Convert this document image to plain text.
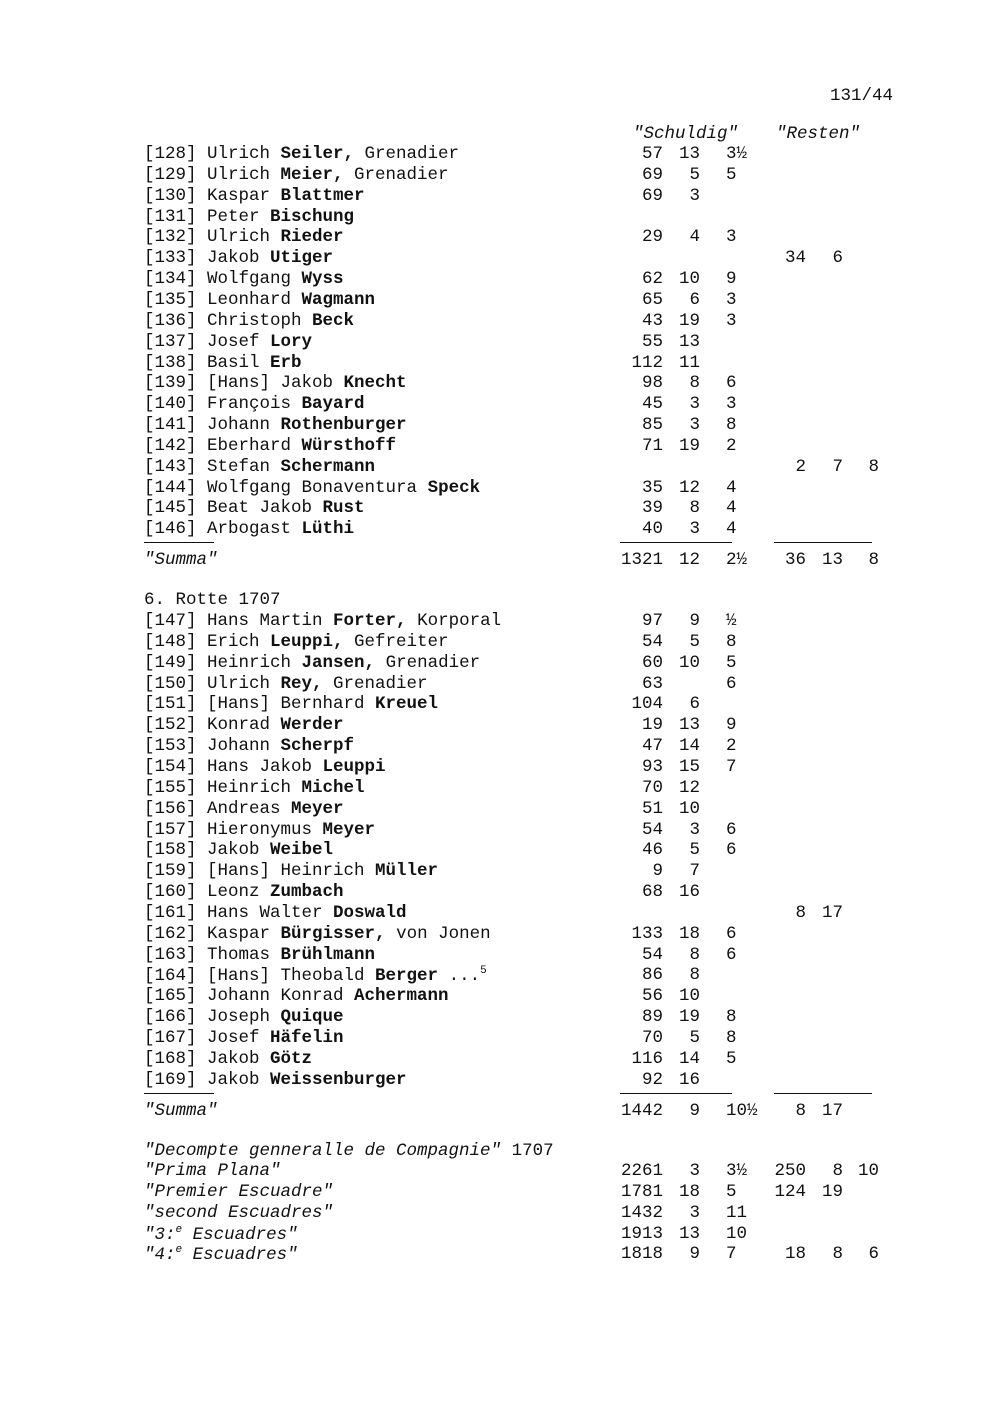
131/44
"Schuldig" "Resten"
[128] Ulrich Seiler, Grenadier	57 13 3½
[129] Ulrich Meier, Grenadier	69 5 5
[130] Kaspar Blattmer	69 3
[131] Peter Bischung
[132] Ulrich Rieder	29 4 3
[133] Jakob Utiger	34 6
[134] Wolfgang Wyss	62 10 9
[135] Leonhard Wagmann	65 6 3
[136] Christoph Beck	43 19 3
[137] Josef Lory	55 13
[138] Basil Erb	112 11
[139] [Hans] Jakob Knecht	98 8 6
[140] François Bayard	45 3 3
[141] Johann Rothenburger	85 3 8
[142] Eberhard Würsthoff	71 19 2
[143] Stefan Schermann	2 7 8
[144] Wolfgang Bonaventura Speck	35 12 4
[145] Beat Jakob Rust	39 8 4
[146] Arbogast Lüthi	40 3 4
"Summa"	1321 12 2½ 36 13 8
6. Rotte 1707
[147] Hans Martin Forter, Korporal	97 9 ½
[148] Erich Leuppi, Gefreiter	54 5 8
[149] Heinrich Jansen, Grenadier	60 10 5
[150] Ulrich Rey, Grenadier	63	6
[151] [Hans] Bernhard Kreuel	104 6
[152] Konrad Werder	19 13 9
[153] Johann Scherpf	47 14 2
[154] Hans Jakob Leuppi	93 15 7
[155] Heinrich Michel	70 12
[156] Andreas Meyer	51 10
[157] Hieronymus Meyer	54 3 6
[158] Jakob Weibel	46 5 6
[159] [Hans] Heinrich Müller	9 7
[160] Leonz Zumbach	68 16
[161] Hans Walter Doswald	8 17
[162] Kaspar Bürgisser, von Jonen	133 18 6
[163] Thomas Brühlmann	54 8 6
[164] [Hans] Theobald Berger ...$^5$	86 8
[165] Johann Konrad Achermann	56 10
[166] Joseph Quique	89 19 8
[167] Josef Häfelin	70 5 8
[168] Jakob Götz	116 14 5
[169] Jakob Weissenburger	92 16
"Summa"	1442 9 10½ 8 17
"Decompte genneralle de Compagnie" 1707
"Prima Plana"	2261 3 3½ 250 8 10
"Premier Escuadre"	1781 18 5 124 19
"second Escuadres"	1432 3 11
"3:$^e$ Escuadres"	1913 13 10
"4:$^e$ Escuadres"	1818 9 7	18 8 6
